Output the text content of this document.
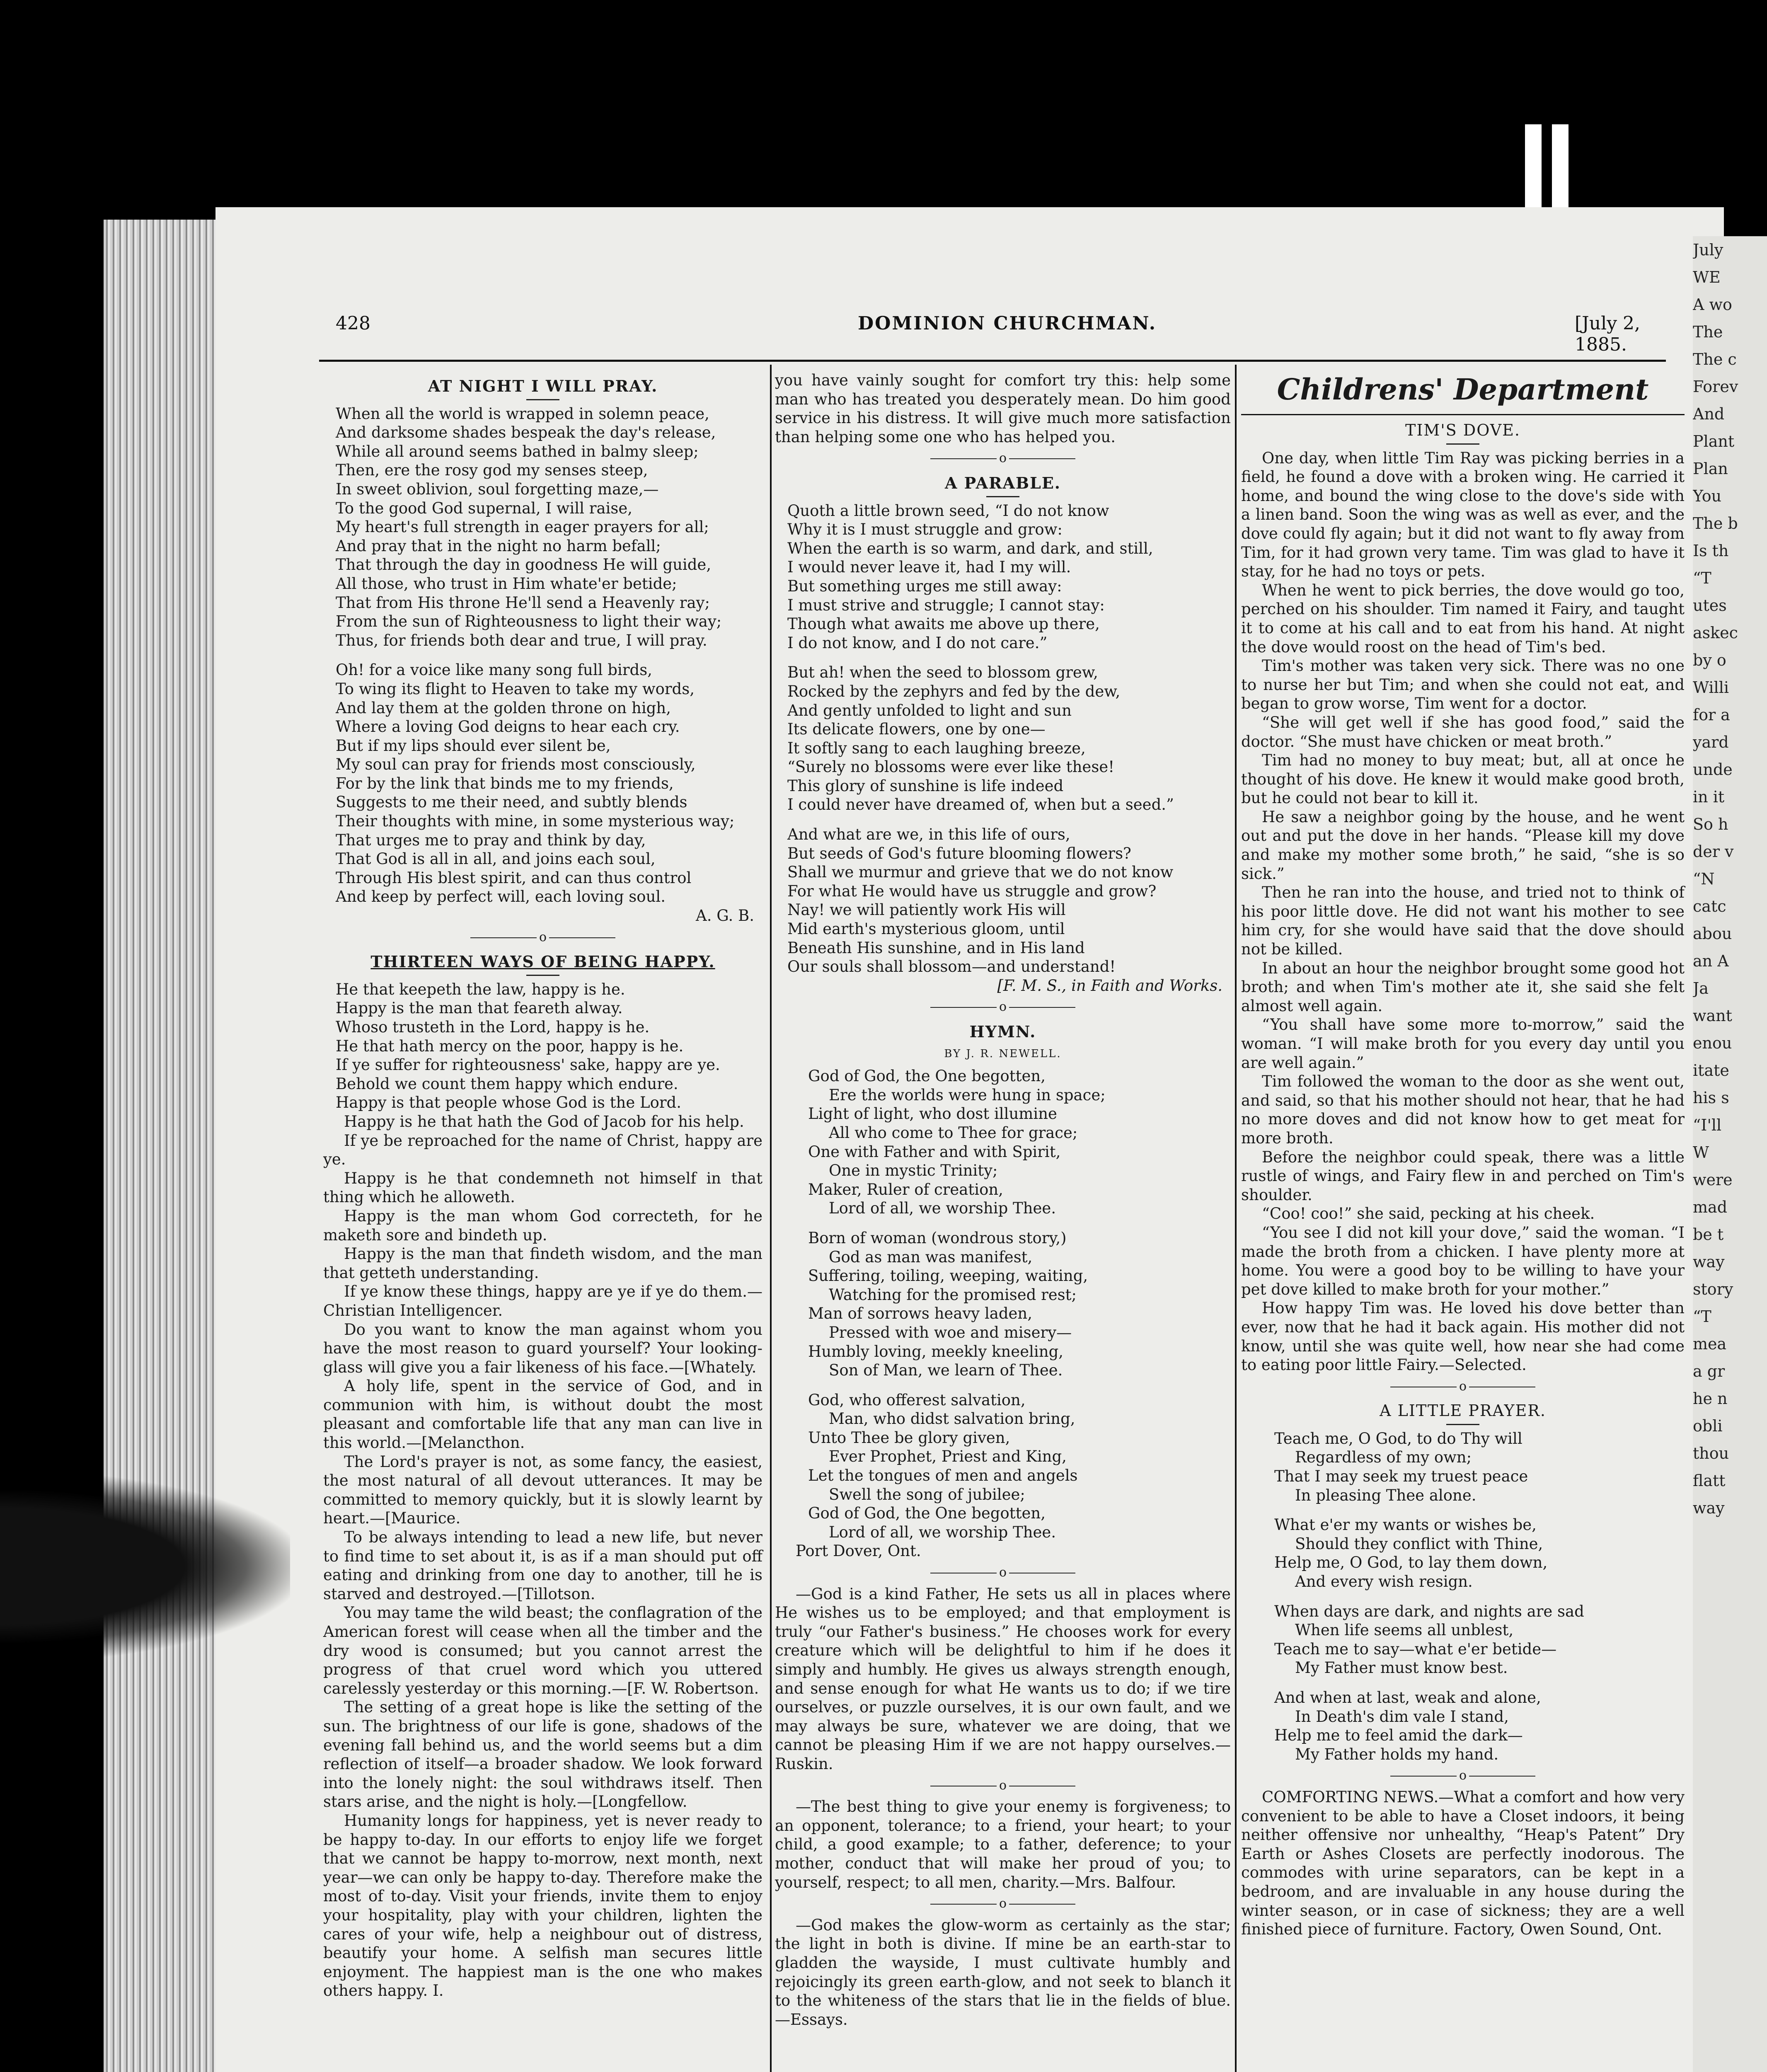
July
WE
A wo
The
The c
Forev
And
Plant
Plan
You
The b
Is th
“T
utes
askec
by o
Willi
for a
yard
unde
in it
So h
der v
“N
catc
abou
an A
Ja
want
enou
itate
his s
“I'll
W
were
mad
be t
way
story
“T
mea
a gr
he n
obli
thou
flatt
way
428	DOMINION CHURCHMAN.	[July 2, 1885.
AT NIGHT I WILL PRAY.
When all the world is wrapped in solemn peace,
And darksome shades bespeak the day's release,
While all around seems bathed in balmy sleep;
Then, ere the rosy god my senses steep,
In sweet oblivion, soul forgetting maze,—
To the good God supernal, I will raise,
My heart's full strength in eager prayers for all;
And pray that in the night no harm befall;
That through the day in goodness He will guide,
All those, who trust in Him whate'er betide;
That from His throne He'll send a Heavenly ray;
From the sun of Righteousness to light their way;
Thus, for friends both dear and true, I will pray.
Oh! for a voice like many song full birds,
To wing its flight to Heaven to take my words,
And lay them at the golden throne on high,
Where a loving God deigns to hear each cry.
But if my lips should ever silent be,
My soul can pray for friends most consciously,
For by the link that binds me to my friends,
Suggests to me their need, and subtly blends
Their thoughts with mine, in some mysterious way;
That urges me to pray and think by day,
That God is all in all, and joins each soul,
Through His blest spirit, and can thus control
And keep by perfect will, each loving soul.
A. G. B.
o
THIRTEEN WAYS OF BEING HAPPY.
He that keepeth the law, happy is he.
Happy is the man that feareth alway.
Whoso trusteth in the Lord, happy is he.
He that hath mercy on the poor, happy is he.
If ye suffer for righteousness' sake, happy are ye.
Behold we count them happy which endure.
Happy is that people whose God is the Lord.

Happy is he that hath the God of Jacob for his help.

If ye be reproached for the name of Christ, happy are ye.

Happy is he that condemneth not himself in that thing which he alloweth.

Happy is the man whom God correcteth, for he maketh sore and bindeth up.

Happy is the man that findeth wisdom, and the man that getteth understanding.

If ye know these things, happy are ye if ye do them.—Christian Intelligencer.

Do you want to know the man against whom you have the most reason to guard yourself? Your looking-glass will give you a fair likeness of his face.—[Whately.

A holy life, spent in the service of God, and in communion with him, is without doubt the most pleasant and comfortable life that any man can live in this world.—[Melancthon.

The Lord's prayer is not, as some fancy, the easiest, the most natural of all devout utterances. It may be committed to memory quickly, but it is slowly learnt by heart.—[Maurice.

To be always intending to lead a new life, but never to find time to set about it, is as if a man should put off eating and drinking from one day to another, till he is starved and destroyed.—[Tillotson.

You may tame the wild beast; the conflagration of the American forest will cease when all the timber and the dry wood is consumed; but you cannot arrest the progress of that cruel word which you uttered carelessly yesterday or this morning.—[F. W. Robertson.

The setting of a great hope is like the setting of the sun. The brightness of our life is gone, shadows of the evening fall behind us, and the world seems but a dim reflection of itself—a broader shadow. We look forward into the lonely night: the soul withdraws itself. Then stars arise, and the night is holy.—[Longfellow.

Humanity longs for happiness, yet is never ready to be happy to-day. In our efforts to enjoy life we forget that we cannot be happy to-morrow, next month, next year—we can only be happy to-day. Therefore make the most of to-day. Visit your friends, invite them to enjoy your hospitality, play with your children, lighten the cares of your wife, help a neighbour out of distress, beautify your home. A selfish man secures little enjoyment. The happiest man is the one who makes others happy. I.

you have vainly sought for comfort try this: help some man who has treated you desperately mean. Do him good service in his distress. It will give much more satisfaction than helping some one who has helped you.

o
A PARABLE.
Quoth a little brown seed, “I do not know
Why it is I must struggle and grow:
When the earth is so warm, and dark, and still,
I would never leave it, had I my will.
But something urges me still away:
I must strive and struggle; I cannot stay:
Though what awaits me above up there,
I do not know, and I do not care.”
But ah! when the seed to blossom grew,
Rocked by the zephyrs and fed by the dew,
And gently unfolded to light and sun
Its delicate flowers, one by one—
It softly sang to each laughing breeze,
“Surely no blossoms were ever like these!
This glory of sunshine is life indeed
I could never have dreamed of, when but a seed.”
And what are we, in this life of ours,
But seeds of God's future blooming flowers?
Shall we murmur and grieve that we do not know
For what He would have us struggle and grow?
Nay! we will patiently work His will
Mid earth's mysterious gloom, until
Beneath His sunshine, and in His land
Our souls shall blossom—and understand!
[F. M. S., in Faith and Works.
o
HYMN.
BY J. R. NEWELL.
God of God, the One begotten,
Ere the worlds were hung in space;
Light of light, who dost illumine
All who come to Thee for grace;
One with Father and with Spirit,
One in mystic Trinity;
Maker, Ruler of creation,
Lord of all, we worship Thee.
Born of woman (wondrous story,)
God as man was manifest,
Suffering, toiling, weeping, waiting,
Watching for the promised rest;
Man of sorrows heavy laden,
Pressed with woe and misery—
Humbly loving, meekly kneeling,
Son of Man, we learn of Thee.
God, who offerest salvation,
Man, who didst salvation bring,
Unto Thee be glory given,
Ever Prophet, Priest and King,
Let the tongues of men and angels
Swell the song of jubilee;
God of God, the One begotten,
Lord of all, we worship Thee.
Port Dover, Ont.
o

—God is a kind Father, He sets us all in places where He wishes us to be employed; and that employment is truly “our Father's business.” He chooses work for every creature which will be delightful to him if he does it simply and humbly. He gives us always strength enough, and sense enough for what He wants us to do; if we tire ourselves, or puzzle ourselves, it is our own fault, and we may always be sure, whatever we are doing, that we cannot be pleasing Him if we are not happy ourselves.—Ruskin.

o

—The best thing to give your enemy is forgiveness; to an opponent, tolerance; to a friend, your heart; to your child, a good example; to a father, deference; to your mother, conduct that will make her proud of you; to yourself, respect; to all men, charity.—Mrs. Balfour.

o

—God makes the glow-worm as certainly as the star; the light in both is divine. If mine be an earth-star to gladden the wayside, I must cultivate humbly and rejoicingly its green earth-glow, and not seek to blanch it to the whiteness of the stars that lie in the fields of blue.—Essays.

Childrens' Department
TIM'S DOVE.

One day, when little Tim Ray was picking berries in a field, he found a dove with a broken wing. He carried it home, and bound the wing close to the dove's side with a linen band. Soon the wing was as well as ever, and the dove could fly again; but it did not want to fly away from Tim, for it had grown very tame. Tim was glad to have it stay, for he had no toys or pets.

When he went to pick berries, the dove would go too, perched on his shoulder. Tim named it Fairy, and taught it to come at his call and to eat from his hand. At night the dove would roost on the head of Tim's bed.

Tim's mother was taken very sick. There was no one to nurse her but Tim; and when she could not eat, and began to grow worse, Tim went for a doctor.

“She will get well if she has good food,” said the doctor. “She must have chicken or meat broth.”

Tim had no money to buy meat; but, all at once he thought of his dove. He knew it would make good broth, but he could not bear to kill it.

He saw a neighbor going by the house, and he went out and put the dove in her hands. “Please kill my dove and make my mother some broth,” he said, “she is so sick.”

Then he ran into the house, and tried not to think of his poor little dove. He did not want his mother to see him cry, for she would have said that the dove should not be killed.

In about an hour the neighbor brought some good hot broth; and when Tim's mother ate it, she said she felt almost well again.

“You shall have some more to-morrow,” said the woman. “I will make broth for you every day until you are well again.”

Tim followed the woman to the door as she went out, and said, so that his mother should not hear, that he had no more doves and did not know how to get meat for more broth.

Before the neighbor could speak, there was a little rustle of wings, and Fairy flew in and perched on Tim's shoulder.

“Coo! coo!” she said, pecking at his cheek.

“You see I did not kill your dove,” said the woman. “I made the broth from a chicken. I have plenty more at home. You were a good boy to be willing to have your pet dove killed to make broth for your mother.”

How happy Tim was. He loved his dove better than ever, now that he had it back again. His mother did not know, until she was quite well, how near she had come to eating poor little Fairy.—Selected.

o
A LITTLE PRAYER.
Teach me, O God, to do Thy will
Regardless of my own;
That I may seek my truest peace
In pleasing Thee alone.
What e'er my wants or wishes be,
Should they conflict with Thine,
Help me, O God, to lay them down,
And every wish resign.
When days are dark, and nights are sad
When life seems all unblest,
Teach me to say—what e'er betide—
My Father must know best.
And when at last, weak and alone,
In Death's dim vale I stand,
Help me to feel amid the dark—
My Father holds my hand.
o

COMFORTING NEWS.—What a comfort and how very convenient to be able to have a Closet indoors, it being neither offensive nor unhealthy, “Heap's Patent” Dry Earth or Ashes Closets are perfectly inodorous. The commodes with urine separators, can be kept in a bedroom, and are invaluable in any house during the winter season, or in case of sickness; they are a well finished piece of furniture. Factory, Owen Sound, Ont.
